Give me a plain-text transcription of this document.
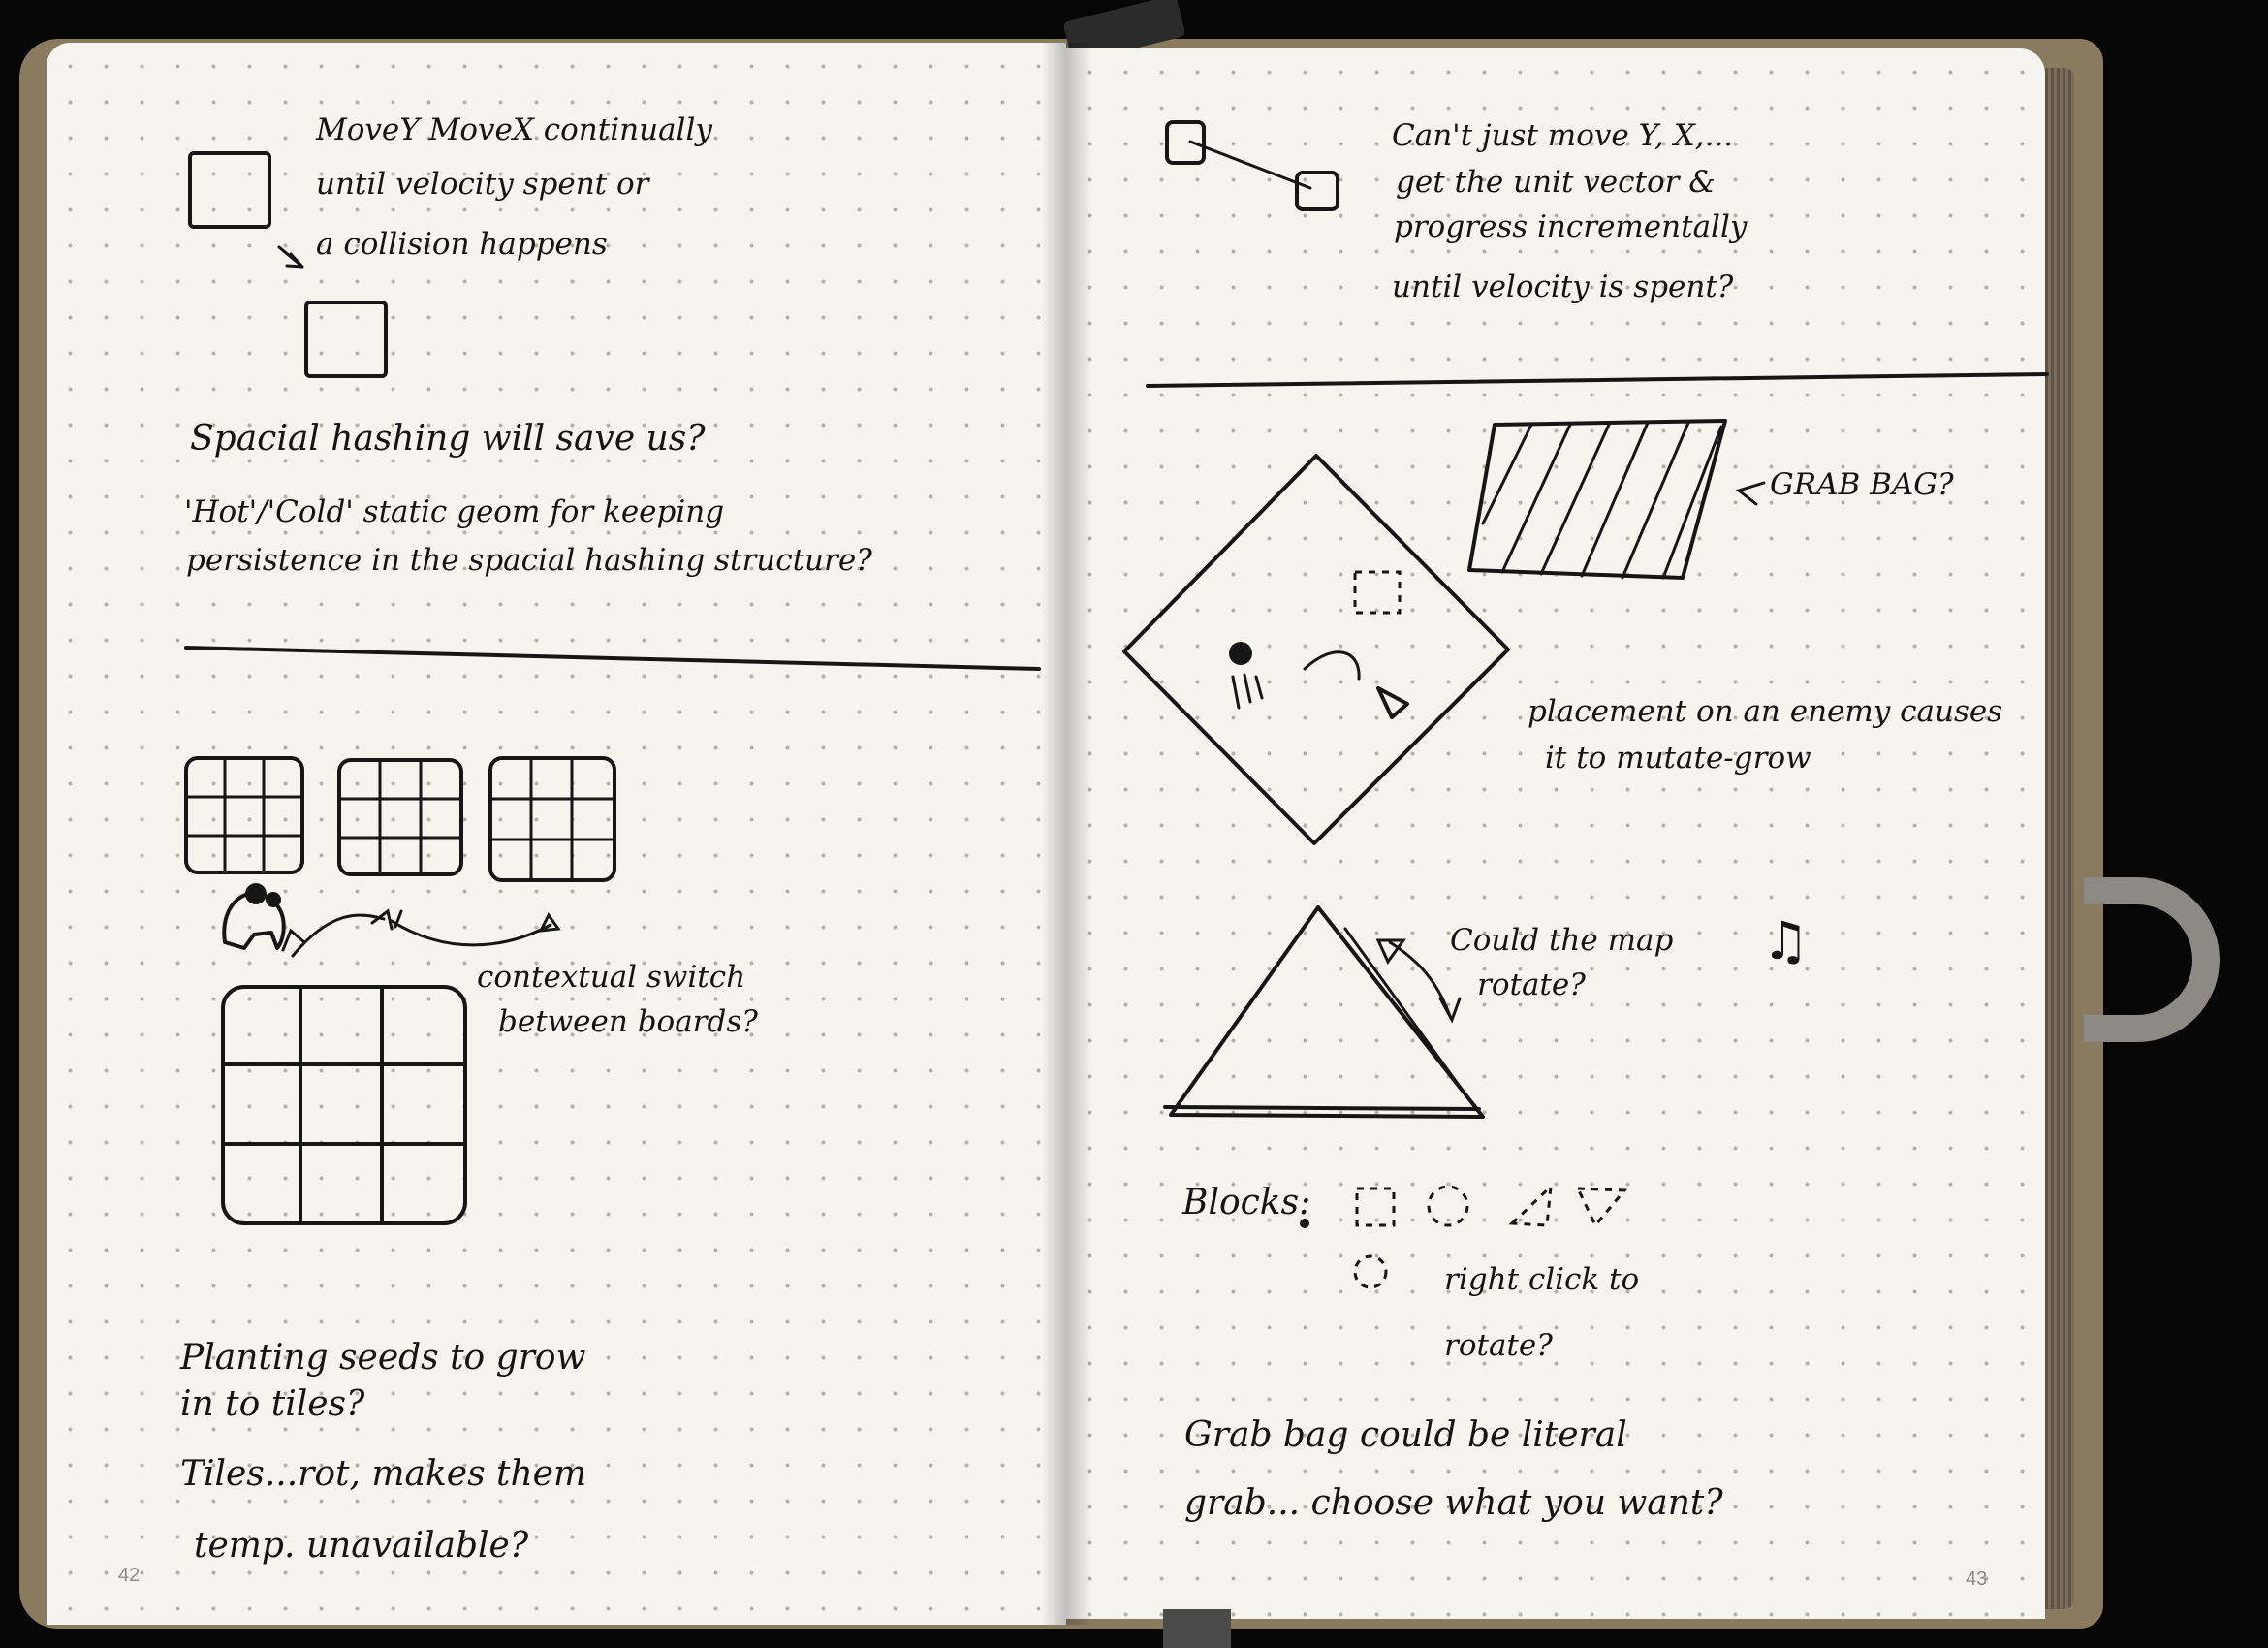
MoveY MoveX continually

until velocity spent or

a collision happens

Spacial hashing will save us?

'Hot'/'Cold' static geom for keeping

persistence in the spacial hashing structure?

contextual switch

between boards?

Planting seeds to grow

in to tiles?

Tiles...rot, makes them

temp. unavailable?

42

Can't just move Y, X,...

get the unit vector &

progress incrementally

until velocity is spent?

GRAB BAG?

placement on an enemy causes

it to mutate-grow

Could the map

rotate?

♫

Blocks:

right click to

rotate?

Grab bag could be literal

grab... choose what you want?

43
